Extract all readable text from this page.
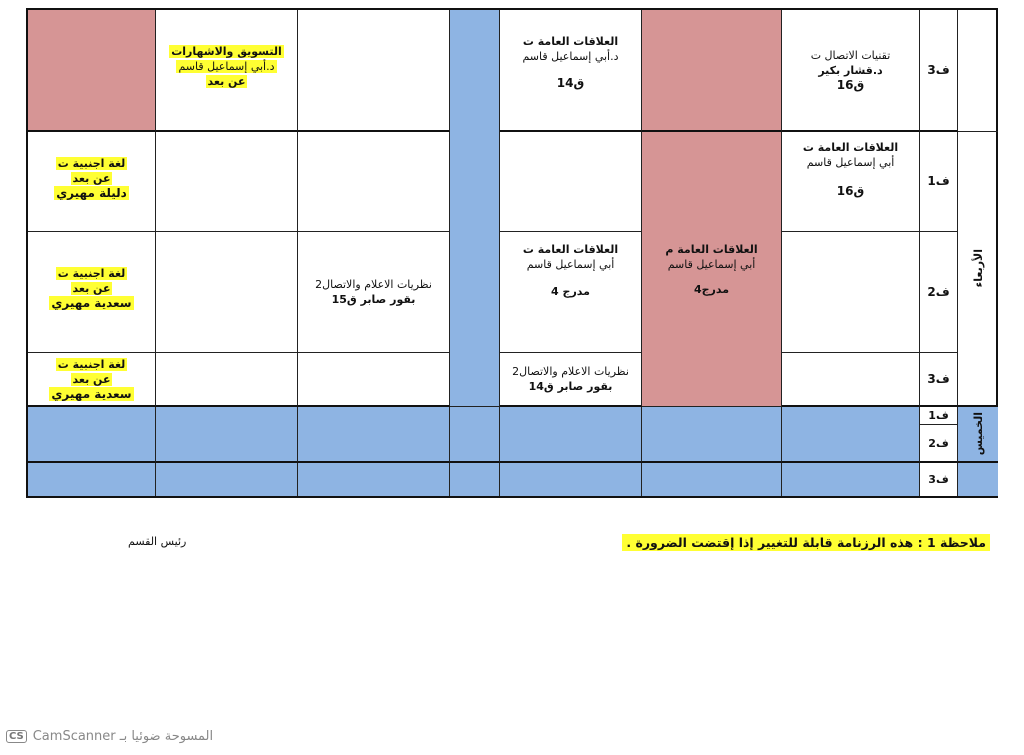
ف3
تقنيات الاتصال ت
د.قشار بكير
ق16
العلاقات العامة ت
د.أبي إسماعيل قاسم
ق14
التسويق والاشهارات
د.أبي إسماعيل قاسم
عن بعد
الأربعاء
ف1
العلاقات العامة ت
أبي إسماعيل قاسم
ق16
العلاقات العامة م
أبي إسماعيل قاسم
مدرج4
لغة اجنبية ت
عن بعد
دليلة مهيري
ف2
العلاقات العامة ت
أبي إسماعيل قاسم
مدرج 4
نظريات الاعلام والاتصال2
بقور صابر ق15
لغة اجنبية ت
عن بعد
سعدية مهيري
ف3
نظريات الاعلام والاتصال2
بقور صابر ق14
لغة اجنبية ت
عن بعد
سعدية مهيري
الخميس
ف1
ف2
ف3
ملاحظة 1 : هذه الرزنامة قابلة للتغيير إذا إقتضت الضرورة .
رئيس القسم
CS المسوحة ضوئيا بـ CamScanner
